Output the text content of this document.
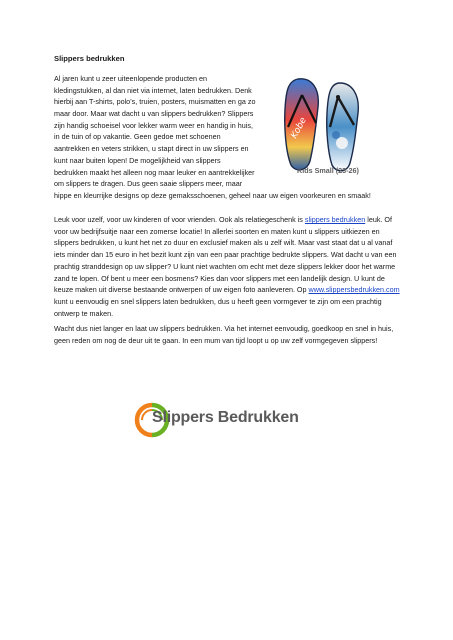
Slippers bedrukken
Al jaren kunt u zeer uiteenlopende producten en
kledingstukken, al dan niet via internet, laten bedrukken. Denk
hierbij aan T-shirts, polo’s, truien, posters, muismatten en ga zo
maar door. Maar wat dacht u van slippers bedrukken? Slippers
zijn handig schoeisel voor lekker warm weer en handig in huis,
in de tuin of op vakantie. Geen gedoe met schoenen
aantrekken en veters strikken, u stapt direct in uw slippers en
kunt naar buiten lopen! De mogelijkheid van slippers
bedrukken maakt het alleen nog maar leuker en aantrekkelijker
om slippers te dragen. Dus geen saaie slippers meer, maar
hippe en kleurrijke designs op deze gemaksschoenen, geheel naar uw eigen voorkeuren en smaak!
Kobe
Kids Small (23-26)
Leuk voor uzelf, voor uw kinderen of voor vrienden. Ook als relatiegeschenk is slippers bedrukken leuk. Of voor uw bedrijfsuitje naar een zomerse locatie! In allerlei soorten en maten kunt u slippers uitkiezen en slippers bedrukken, u kunt het net zo duur en exclusief maken als u zelf wilt. Maar vast staat dat u al vanaf iets minder dan 15 euro in het bezit kunt zijn van een paar prachtige bedrukte slippers. Wat dacht u van een prachtig stranddesign op uw slipper? U kunt niet wachten om echt met deze slippers lekker door het warme zand te lopen. Of bent u meer een bosmens? Kies dan voor slippers met een landelijk design. U kunt de keuze maken uit diverse bestaande ontwerpen of uw eigen foto aanleveren. Op www.slippersbedrukken.com kunt u eenvoudig en snel slippers laten bedrukken, dus u heeft geen vormgever te zijn om een prachtig ontwerp te maken.
Wacht dus niet langer en laat uw slippers bedrukken. Via het internet eenvoudig, goedkoop en snel in huis, geen reden om nog de deur uit te gaan. In een mum van tijd loopt u op uw zelf vormgegeven slippers!
Slippers Bedrukken
